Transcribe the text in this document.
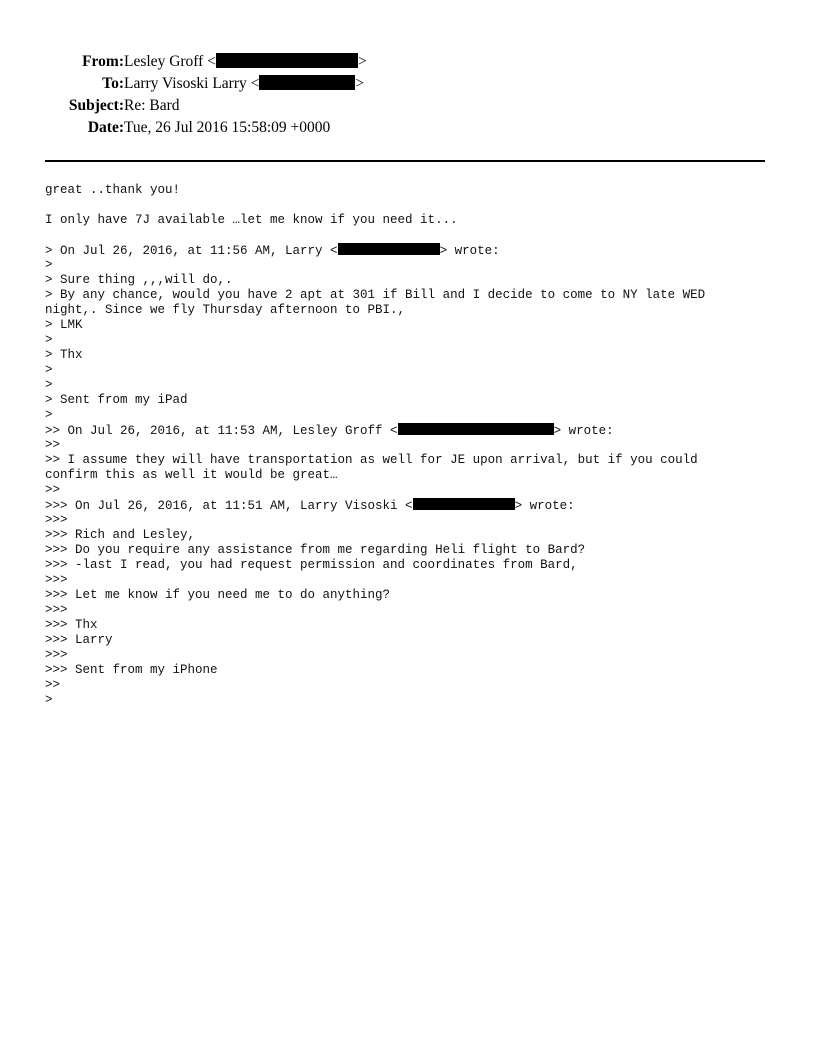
From: Lesley Groff <	>
To: Larry Visoski Larry <	>
Subject: Re: Bard
Date: Tue, 26 Jul 2016 15:58:09 +0000
great ..thank you!
I only have 7J available …let me know if you need it...
> On Jul 26, 2016, at 11:56 AM, Larry <	> wrote:
>
> Sure thing ,,,will do,.
> By any chance, would you have 2 apt at 301 if Bill and I decide to come to NY late WED
night,. Since we fly Thursday afternoon to PBI.,
> LMK
>
> Thx
>
>
> Sent from my iPad
>
>> On Jul 26, 2016, at 11:53 AM, Lesley Groff <	> wrote:
>>
>> I assume they will have transportation as well for JE upon arrival, but if you could
confirm this as well it would be great…
>>
>>> On Jul 26, 2016, at 11:51 AM, Larry Visoski <	> wrote:
>>>
>>> Rich and Lesley,
>>> Do you require any assistance from me regarding Heli flight to Bard?
>>> -last I read, you had request permission and coordinates from Bard,
>>>
>>> Let me know if you need me to do anything?
>>>
>>> Thx
>>> Larry
>>>
>>> Sent from my iPhone
>>
>
